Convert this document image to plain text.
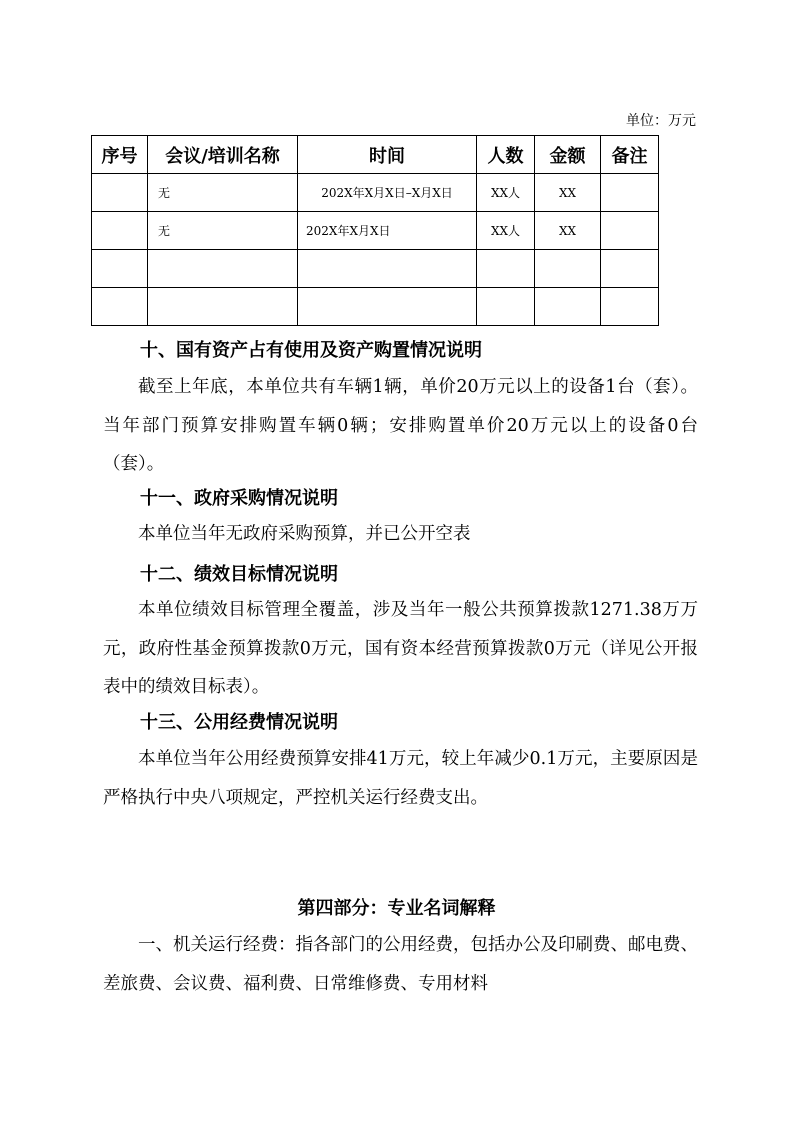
单位：万元
序号	会议/培训名称	时间	人数	金额	备注
	无	202X年X月X日–X月X日	XX人	XX	
	无	202X年X月X日	XX人	XX	

十、国有资产占有使用及资产购置情况说明
截至上年底，本单位共有车辆1辆，单价20万元以上的设备1台（套）。当年部门预算安排购置车辆0辆；安排购置单价20万元以上的设备0台（套）。
十一、政府采购情况说明
本单位当年无政府采购预算，并已公开空表
十二、绩效目标情况说明
本单位绩效目标管理全覆盖，涉及当年一般公共预算拨款1271.38万万元，政府性基金预算拨款0万元，国有资本经营预算拨款0万元（详见公开报表中的绩效目标表）。
十三、公用经费情况说明
本单位当年公用经费预算安排41万元，较上年减少0.1万元，主要原因是严格执行中央八项规定，严控机关运行经费支出。
第四部分：专业名词解释
一、机关运行经费：指各部门的公用经费，包括办公及印刷费、邮电费、差旅费、会议费、福利费、日常维修费、专用材料
